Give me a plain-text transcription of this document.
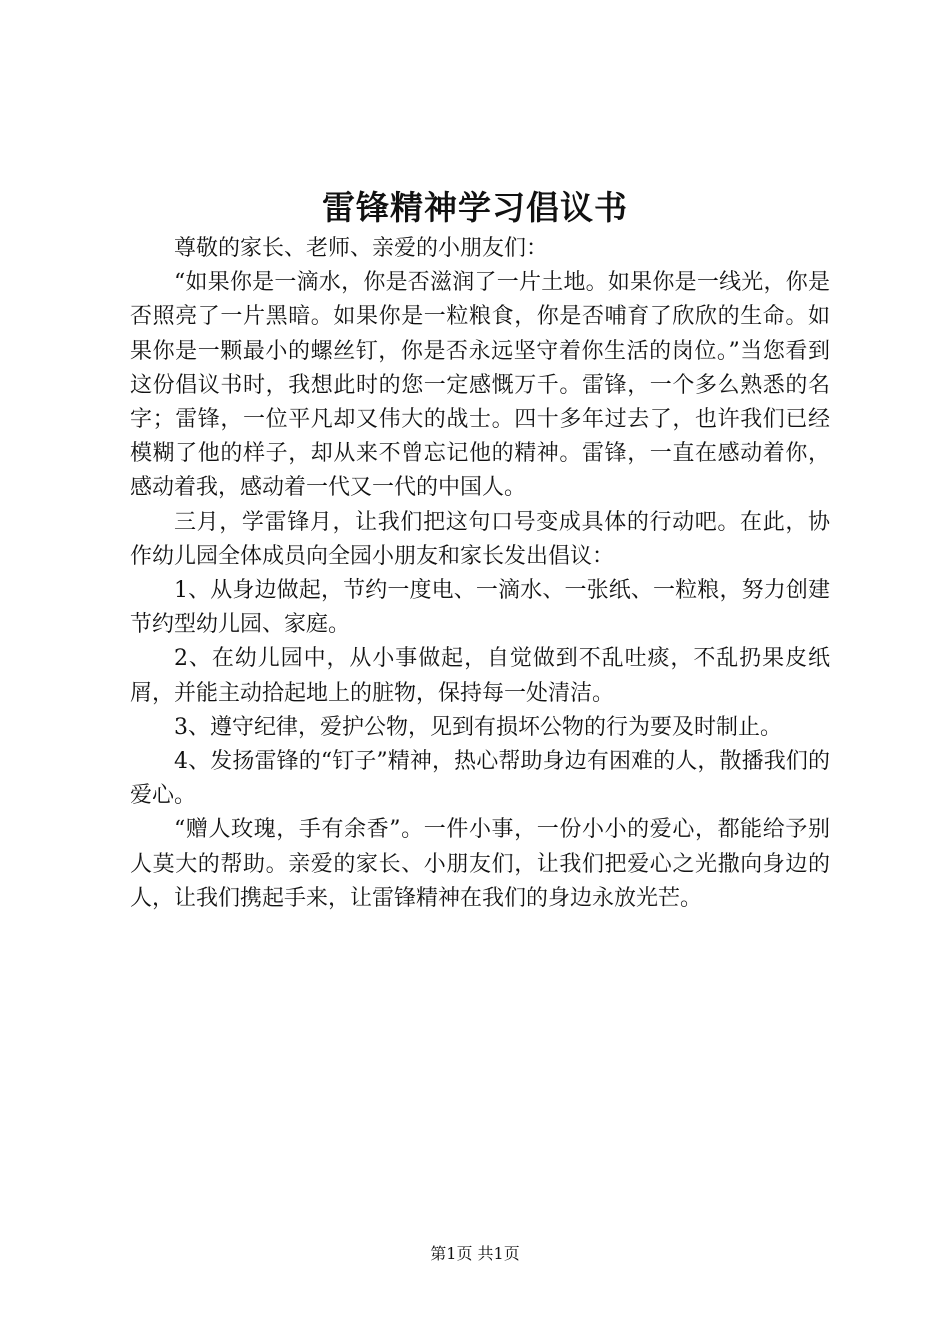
雷锋精神学习倡议书

尊敬的家长、老师、亲爱的小朋友们：

“如果你是一滴水，你是否滋润了一片土地。如果你是一线光，你是否照亮了一片黑暗。如果你是一粒粮食，你是否哺育了欣欣的生命。如果你是一颗最小的螺丝钉，你是否永远坚守着你生活的岗位。”当您看到这份倡议书时，我想此时的您一定感慨万千。雷锋，一个多么熟悉的名字；雷锋，一位平凡却又伟大的战士。四十多年过去了，也许我们已经模糊了他的样子，却从来不曾忘记他的精神。雷锋，一直在感动着你，感动着我，感动着一代又一代的中国人。

三月，学雷锋月，让我们把这句口号变成具体的行动吧。在此，协作幼儿园全体成员向全园小朋友和家长发出倡议：

1、从身边做起，节约一度电、一滴水、一张纸、一粒粮，努力创建节约型幼儿园、家庭。

2、在幼儿园中，从小事做起，自觉做到不乱吐痰，不乱扔果皮纸屑，并能主动拾起地上的脏物，保持每一处清洁。

3、遵守纪律，爱护公物，见到有损坏公物的行为要及时制止。

4、发扬雷锋的“钉子”精神，热心帮助身边有困难的人，散播我们的爱心。

“赠人玫瑰，手有余香”。一件小事，一份小小的爱心，都能给予别人莫大的帮助。亲爱的家长、小朋友们，让我们把爱心之光撒向身边的人，让我们携起手来，让雷锋精神在我们的身边永放光芒。

第1页 共1页
